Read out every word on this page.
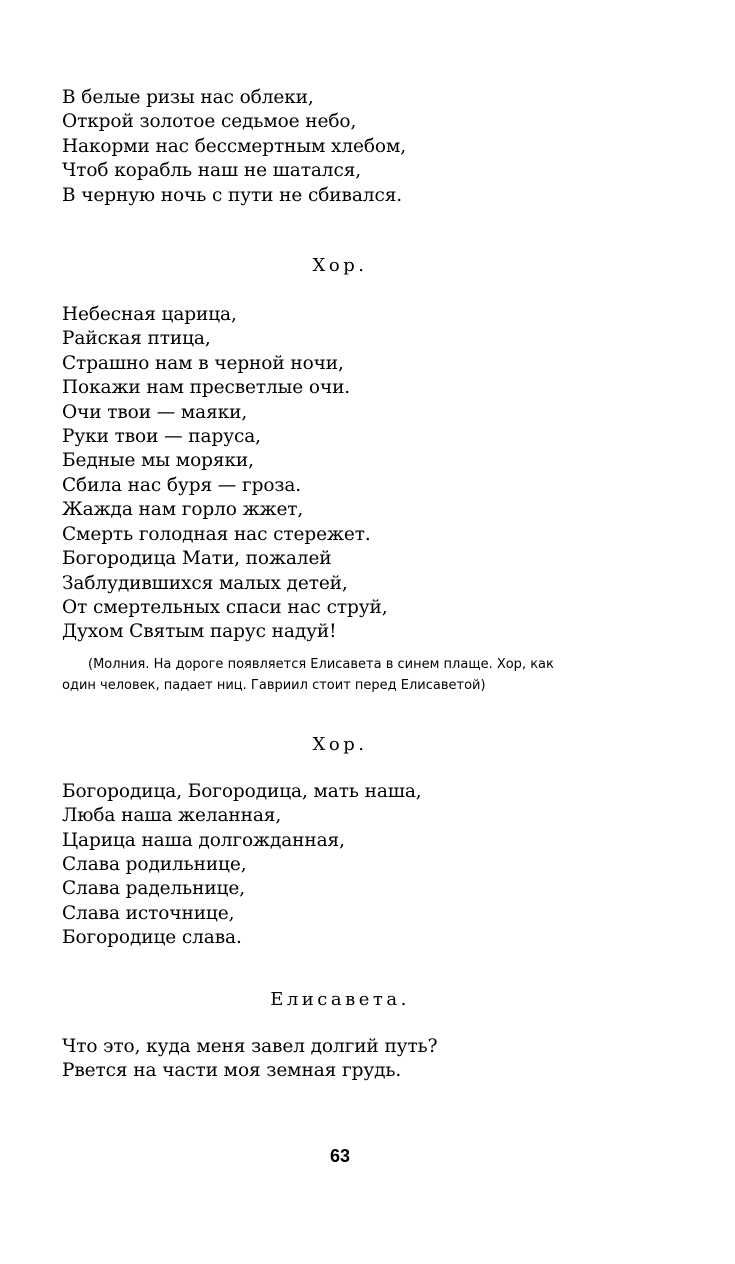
В белые ризы нас облеки,
Открой золотое седьмое небо,
Накорми нас бессмертным хлебом,
Чтоб корабль наш не шатался,
В черную ночь с пути не сбивался.
Хор.
Небесная царица,
Райская птица,
Страшно нам в черной ночи,
Покажи нам пресветлые очи.
Очи твои — маяки,
Руки твои — паруса,
Бедные мы моряки,
Сбила нас буря — гроза.
Жажда нам горло жжет,
Смерть голодная нас стережет.
Богородица Мати, пожалей
Заблудившихся малых детей,
От смертельных спаси нас струй,
Духом Святым парус надуй!
(Молния. На дороге появляется Елисавета в синем плаще. Хор, как
один человек, падает ниц. Гавриил стоит перед Елисаветой)
Хор.
Богородица, Богородица, мать наша,
Люба наша желанная,
Царица наша долгожданная,
Слава родильнице,
Слава радельнице,
Слава источнице,
Богородице слава.
Елисавета.
Что это, куда меня завел долгий путь?
Рвется на части моя земная грудь.
63
